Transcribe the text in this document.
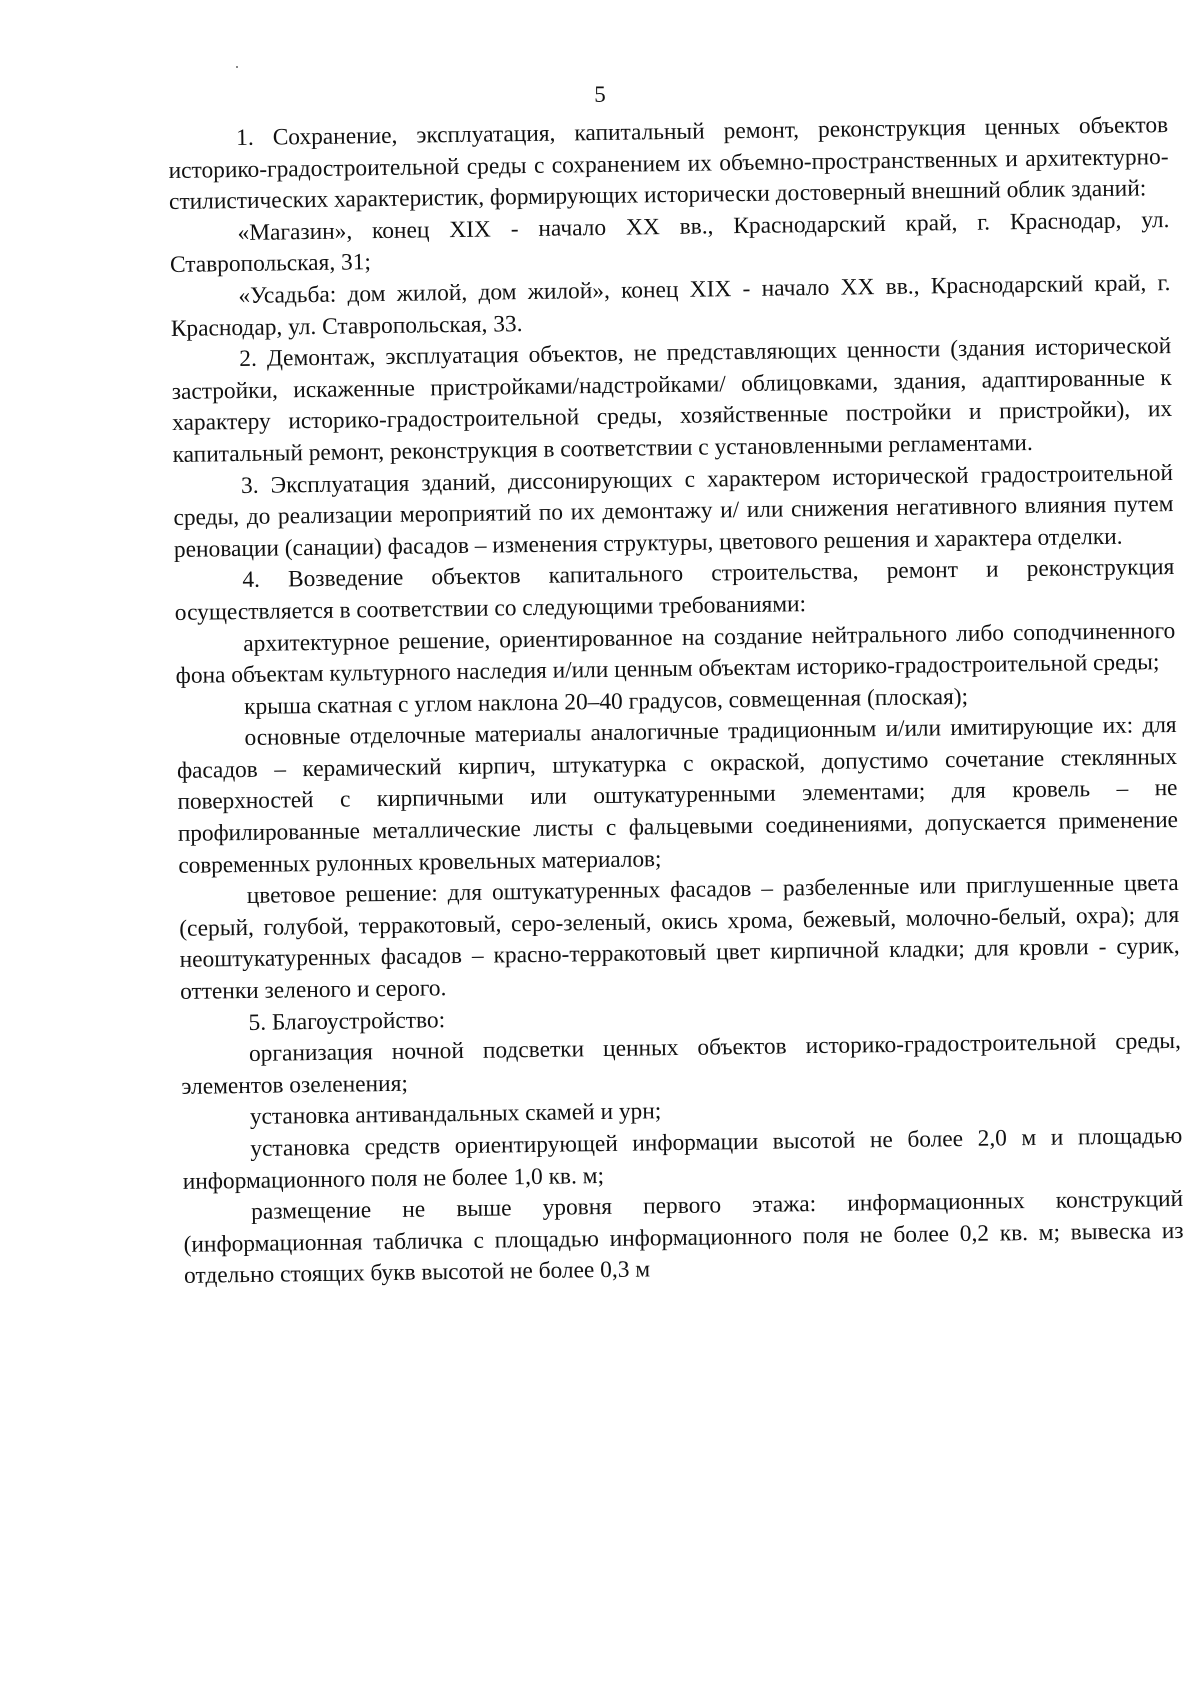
5

1. Сохранение, эксплуатация, капитальный ремонт, реконструкция ценных объектов историко-градостроительной среды с сохранением их объемно-пространственных и архитектурно-стилистических характеристик, формирующих исторически достоверный внешний облик зданий:

«Магазин», конец XIX - начало XX вв., Краснодарский край, г. Краснодар, ул. Ставропольская, 31;

«Усадьба: дом жилой, дом жилой», конец XIX - начало XX вв., Краснодарский край, г. Краснодар, ул. Ставропольская, 33.

2. Демонтаж, эксплуатация объектов, не представляющих ценности (здания исторической застройки, искаженные пристройками/надстройками/ облицовками, здания, адаптированные к характеру историко-градостроительной среды, хозяйственные постройки и пристройки), их капитальный ремонт, реконструкция в соответствии с установленными регламентами.

3. Эксплуатация зданий, диссонирующих с характером исторической градостроительной среды, до реализации мероприятий по их демонтажу и/ или снижения негативного влияния путем реновации (санации) фасадов – изменения структуры, цветового решения и характера отделки.

4. Возведение объектов капитального строительства, ремонт и реконструкция осуществляется в соответствии со следующими требованиями:

архитектурное решение, ориентированное на создание нейтрального либо соподчиненного фона объектам культурного наследия и/или ценным объектам историко-градостроительной среды;

крыша скатная с углом наклона 20–40 градусов, совмещенная (плоская);

основные отделочные материалы аналогичные традиционным и/или имитирующие их: для фасадов – керамический кирпич, штукатурка с окраской, допустимо сочетание стеклянных поверхностей с кирпичными или оштукатуренными элементами; для кровель – не профилированные металлические листы с фальцевыми соединениями, допускается применение современных рулонных кровельных материалов;

цветовое решение: для оштукатуренных фасадов – разбеленные или приглушенные цвета (серый, голубой, терракотовый, серо-зеленый, окись хрома, бежевый, молочно-белый, охра); для неоштукатуренных фасадов – красно-терракотовый цвет кирпичной кладки; для кровли - сурик, оттенки зеленого и серого.

5. Благоустройство:

организация ночной подсветки ценных объектов историко-градостроительной среды, элементов озеленения;

установка антивандальных скамей и урн;

установка средств ориентирующей информации высотой не более 2,0 м и площадью информационного поля не более 1,0 кв. м;

размещение не выше уровня первого этажа: информационных конструкций (информационная табличка с площадью информационного поля не более 0,2 кв. м; вывеска из отдельно стоящих букв высотой не более 0,3 м
